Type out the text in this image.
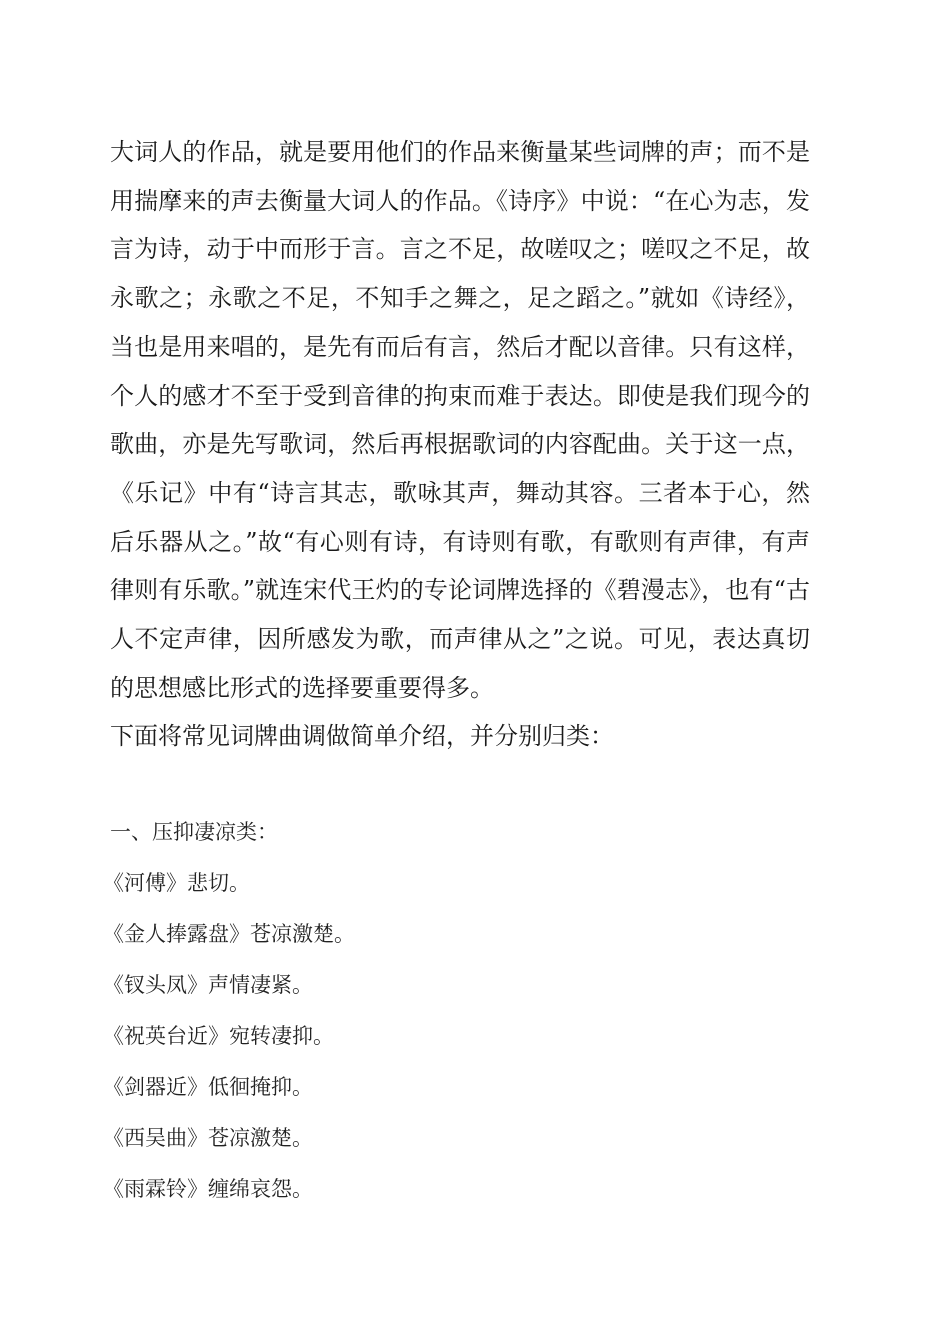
大词人的作品，就是要用他们的作品来衡量某些词牌的声；而不是用揣摩来的声去衡量大词人的作品。《诗序》中说：“在心为志，发言为诗，动于中而形于言。言之不足，故嗟叹之；嗟叹之不足，故永歌之；永歌之不足，不知手之舞之，足之蹈之。”就如《诗经》，当也是用来唱的，是先有而后有言，然后才配以音律。只有这样，个人的感才不至于受到音律的拘束而难于表达。即使是我们现今的歌曲，亦是先写歌词，然后再根据歌词的内容配曲。关于这一点，《乐记》中有“诗言其志，歌咏其声，舞动其容。三者本于心，然后乐器从之。”故“有心则有诗，有诗则有歌，有歌则有声律，有声律则有乐歌。”就连宋代王灼的专论词牌选择的《碧漫志》，也有“古人不定声律，因所感发为歌，而声律从之”之说。可见，表达真切的思想感比形式的选择要重要得多。

下面将常见词牌曲调做简单介绍，并分别归类：

一、压抑凄凉类：

《河傅》悲切。
《金人捧露盘》苍凉激楚。
《钗头凤》声情凄紧。
《祝英台近》宛转凄抑。
《剑器近》低徊掩抑。
《西吴曲》苍凉激楚。
《雨霖铃》缠绵哀怨。
